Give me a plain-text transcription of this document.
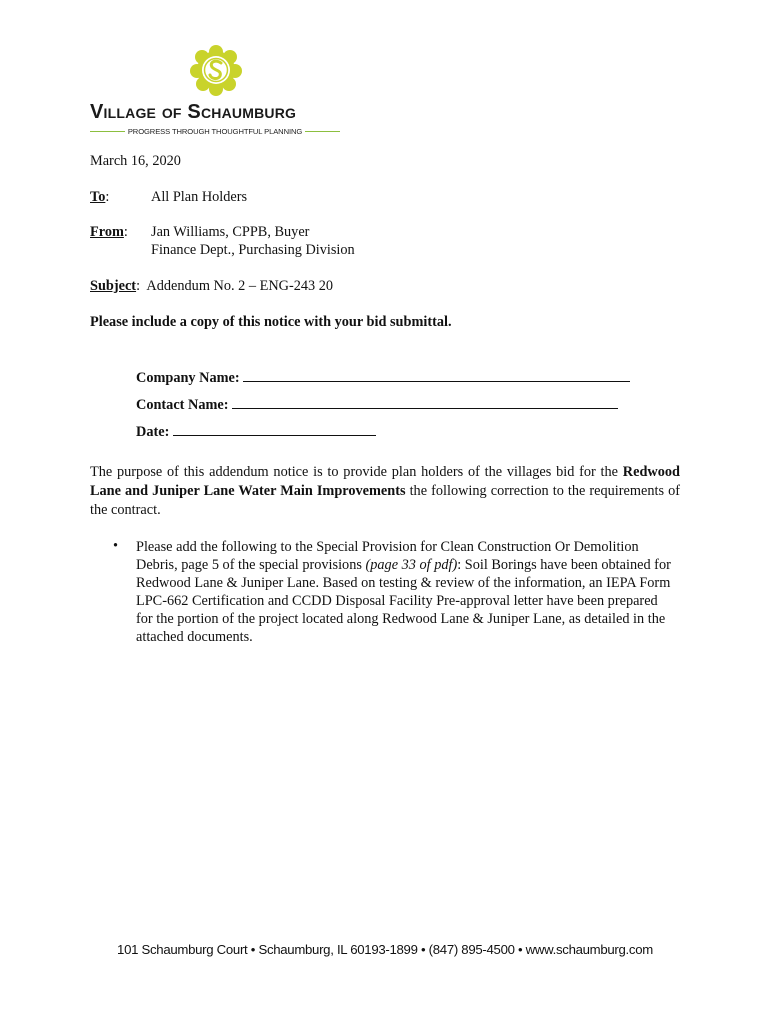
Village of Schaumburg
PROGRESS THROUGH THOUGHTFUL PLANNING
March 16, 2020
To:	All Plan Holders
From: Jan Williams, CPPB, Buyer
Finance Dept., Purchasing Division
Subject:  Addendum No. 2 – ENG-243 20
Please include a copy of this notice with your bid submittal.
Company Name:
Contact Name:
Date:
The purpose of this addendum notice is to provide plan holders of the villages bid for the Redwood Lane and Juniper Lane Water Main Improvements the following correction to the requirements of the contract.
• Please add the following to the Special Provision for Clean Construction Or Demolition Debris, page 5 of the special provisions (page 33 of pdf): Soil Borings have been obtained for Redwood Lane & Juniper Lane. Based on testing & review of the information, an IEPA Form LPC-662 Certification and CCDD Disposal Facility Pre-approval letter have been prepared for the portion of the project located along Redwood Lane & Juniper Lane, as detailed in the attached documents.
101 Schaumburg Court • Schaumburg, IL 60193-1899 • (847) 895-4500 • www.schaumburg.com
